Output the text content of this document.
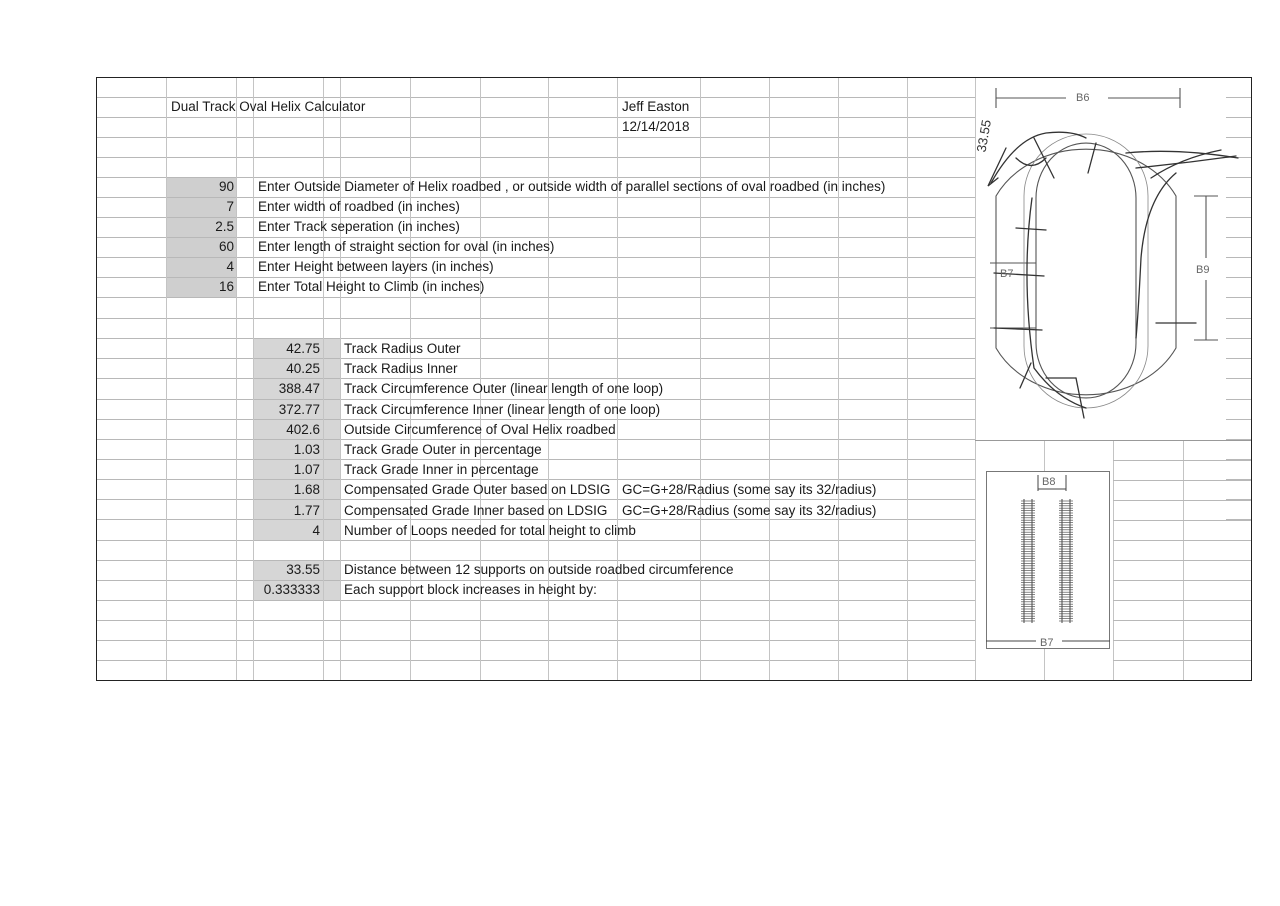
Dual Track Oval Helix Calculator	Jeff Easton
12/14/2018
90 Enter Outside Diameter of Helix roadbed , or outside width of parallel sections of oval roadbed (in inches)
7 Enter width of roadbed (in inches)
2.5 Enter Track seperation (in inches)
60 Enter length of straight section for oval (in inches)
4 Enter Height between layers (in inches)
16 Enter Total Height to Climb (in inches)
42.75 Track Radius Outer
40.25 Track Radius Inner
388.47 Track Circumference Outer (linear length of one loop)
372.77 Track Circumference Inner (linear length of one loop)
402.6 Outside Circumference of Oval Helix roadbed
1.03 Track Grade Outer in percentage
1.07 Track Grade Inner in percentage
1.68 Compensated Grade Outer based on LDSIG GC=G+28/Radius (some say its 32/radius)
1.77 Compensated Grade Inner based on LDSIG GC=G+28/Radius (some say its 32/radius)
4 Number of Loops needed for total height to climb
33.55 Distance between 12 supports on outside roadbed circumference
0.333333 Each support block increases in height by:
B6
B7	B9
33.55
B8
B7
